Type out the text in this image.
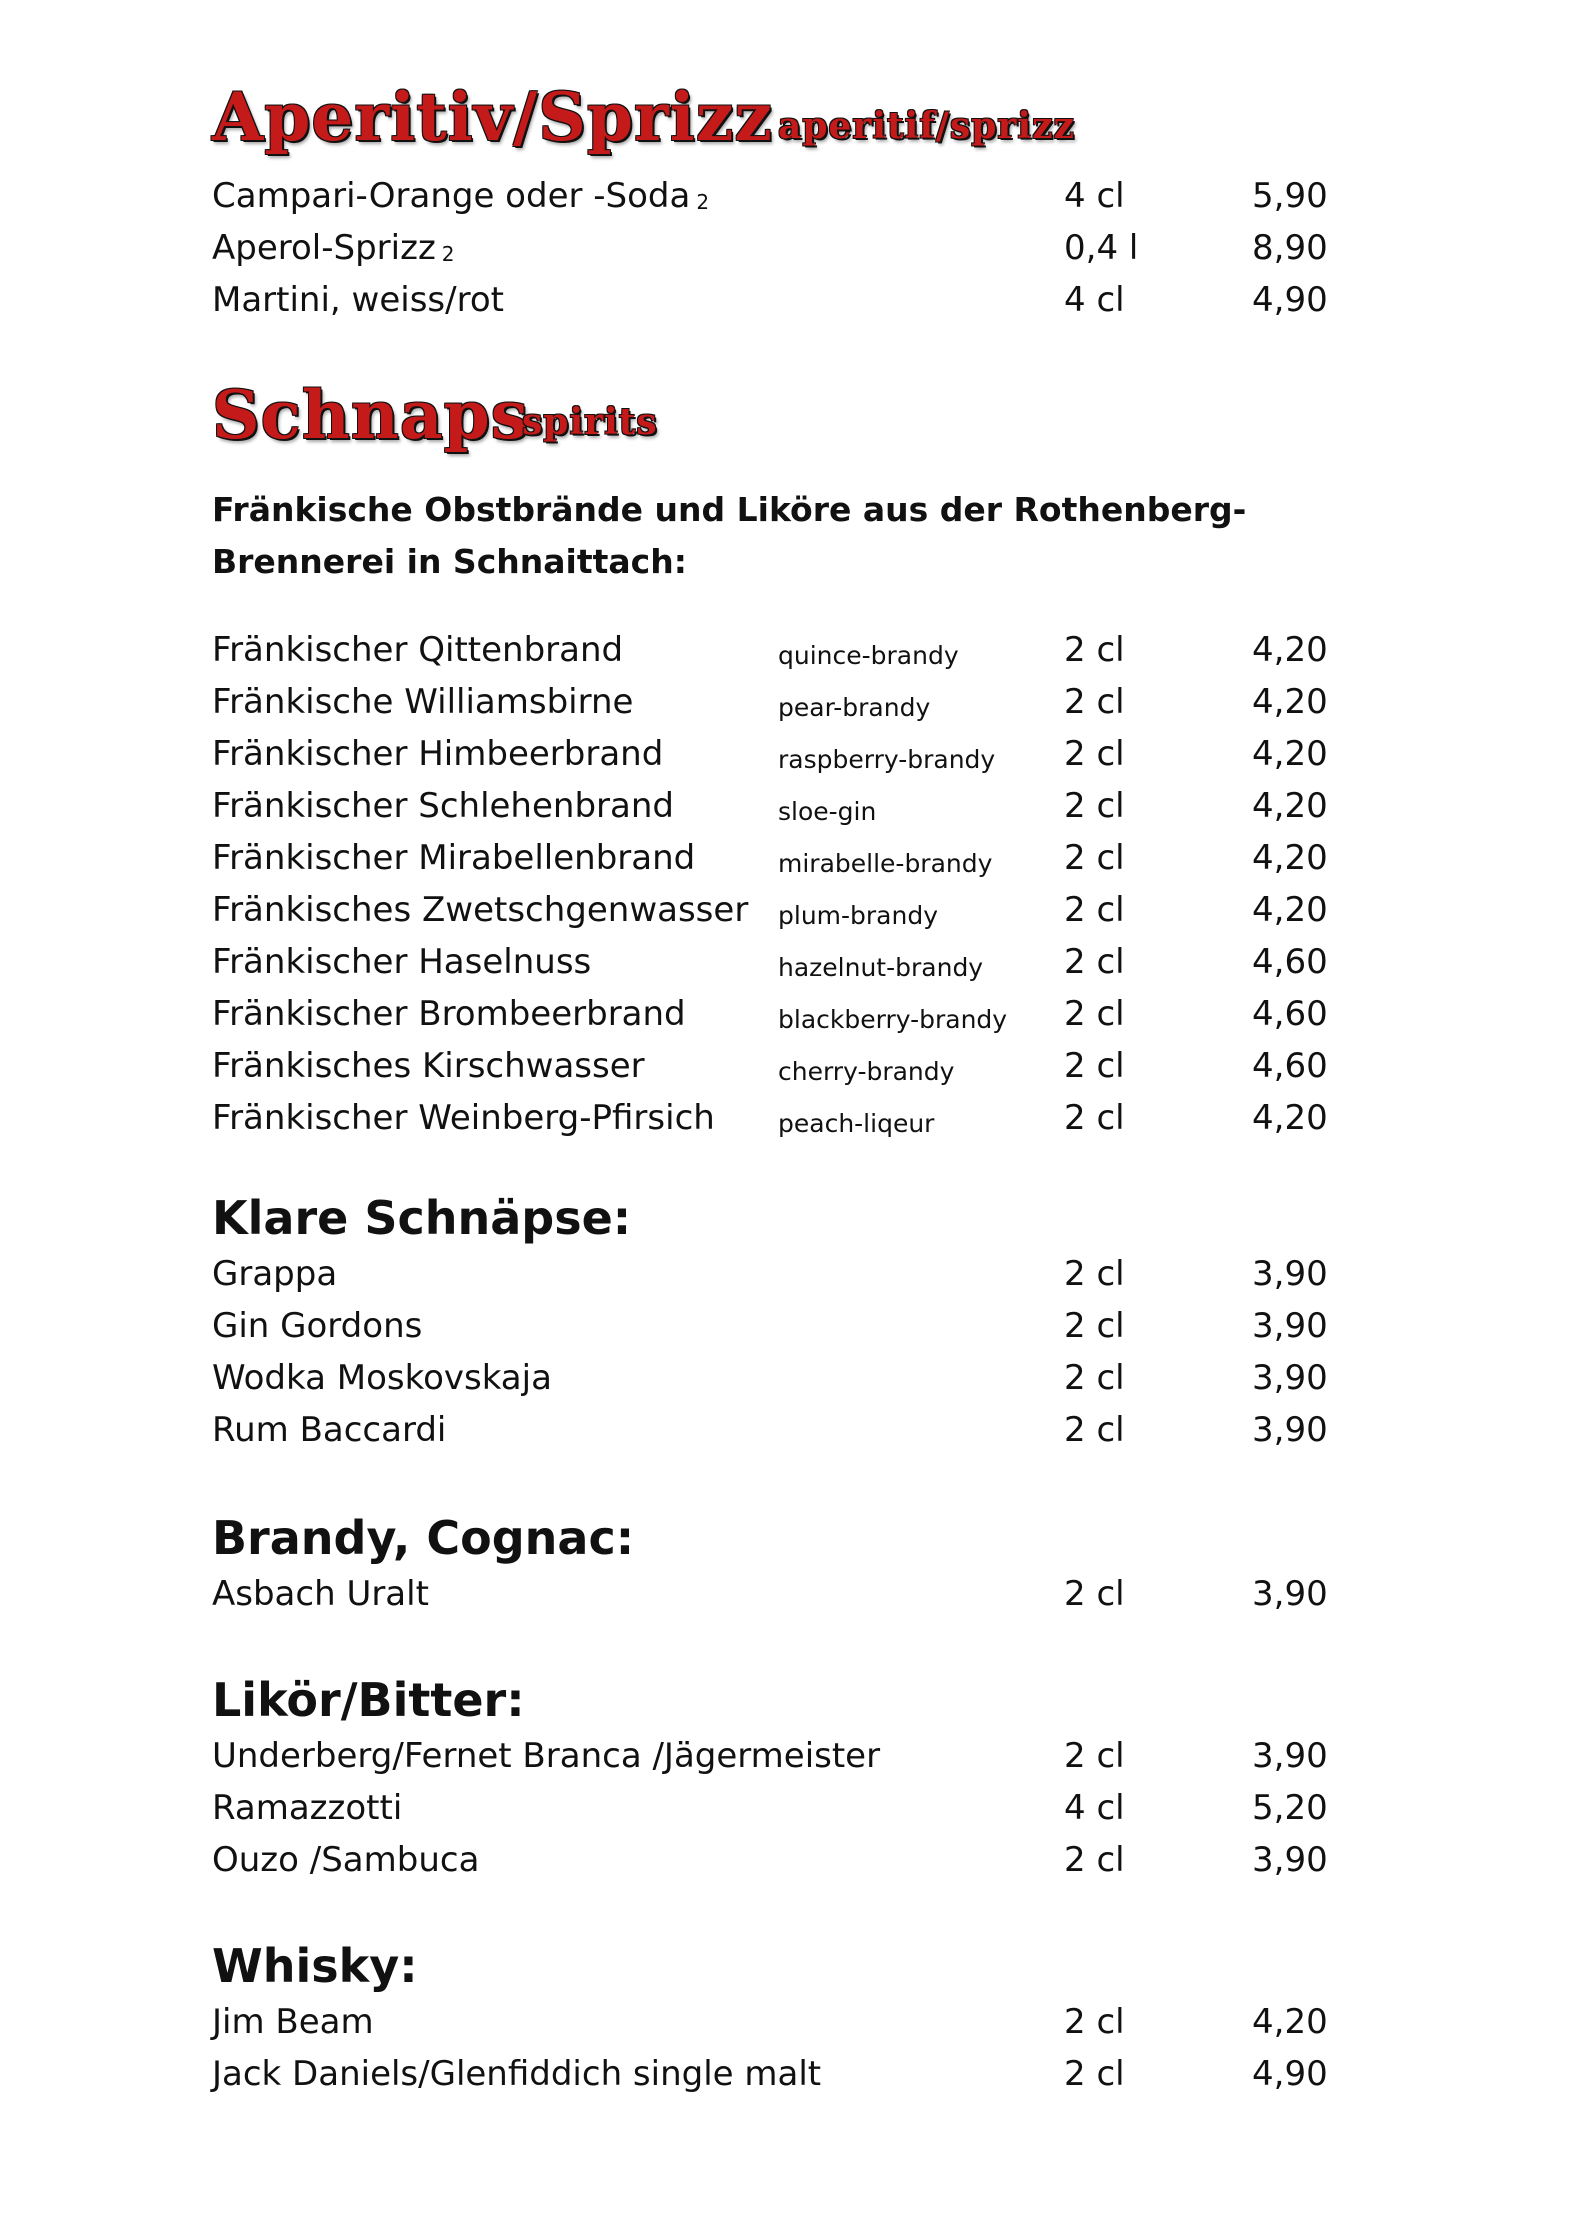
Aperitiv/Sprizz aperitif/sprizz
Campari-Orange oder -Soda 2	4 cl	5,90
Aperol-Sprizz 2	0,4 l	8,90
Martini, weiss/rot	4 cl	4,90
Schnaps
spirits
Fränkische Obstbrände und Liköre aus der Rothenberg-
Brennerei in Schnaittach:
Fränkischer Qittenbrand	quince-brandy	2 cl	4,20
Fränkische Williamsbirne	pear-brandy	2 cl	4,20
Fränkischer Himbeerbrand	raspberry-brandy 2 cl	4,20
Fränkischer Schlehenbrand	sloe-gin	2 cl	4,20
Fränkischer Mirabellenbrand	mirabelle-brandy 2 cl	4,20
Fränkisches Zwetschgenwasser plum-brandy	2 cl	4,20
Fränkischer Haselnuss	hazelnut-brandy 2 cl	4,60
Fränkischer Brombeerbrand	blackberry-brandy 2 cl	4,60
Fränkisches Kirschwasser	cherry-brandy	2 cl	4,60
Fränkischer Weinberg-Pfirsich	peach-liqeur	2 cl	4,20
Klare Schnäpse:
Grappa	2 cl	3,90
Gin Gordons	2 cl	3,90
Wodka Moskovskaja	2 cl	3,90
Rum Baccardi	2 cl	3,90
Brandy, Cognac:
Asbach Uralt	2 cl	3,90
Likör/Bitter:
Underberg/Fernet Branca /Jägermeister	2 cl	3,90
Ramazzotti	4 cl	5,20
Ouzo /Sambuca	2 cl	3,90
Whisky:
Jim Beam	2 cl	4,20
Jack Daniels/Glenfiddich single malt	2 cl	4,90
